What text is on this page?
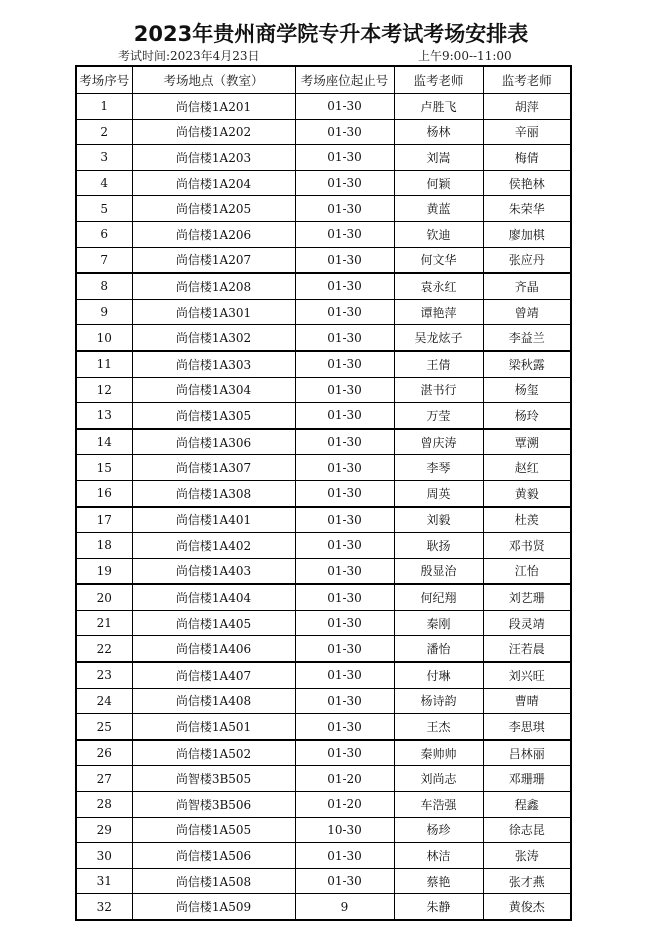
2023年贵州商学院专升本考试考场安排表
考试时间:2023年4月23日	上午9:00--11:00
考场序号	考场地点（教室）	考场座位起止号	监考老师	监考老师
1	尚信楼1A201	01-30	卢胜飞	胡萍
2	尚信楼1A202	01-30	杨林	辛丽
3	尚信楼1A203	01-30	刘嵩	梅倩
4	尚信楼1A204	01-30	何颖	侯艳林
5	尚信楼1A205	01-30	黄蓝	朱荣华
6	尚信楼1A206	01-30	钦迪	廖加棋
7	尚信楼1A207	01-30	何文华	张应丹
8	尚信楼1A208	01-30	袁永红	齐晶
9	尚信楼1A301	01-30	谭艳萍	曾靖
10	尚信楼1A302	01-30	吴龙炫子	李益兰
11	尚信楼1A303	01-30	王倩	梁秋露
12	尚信楼1A304	01-30	湛书行	杨玺
13	尚信楼1A305	01-30	万莹	杨玲
14	尚信楼1A306	01-30	曾庆涛	覃溯
15	尚信楼1A307	01-30	李琴	赵红
16	尚信楼1A308	01-30	周英	黄毅
17	尚信楼1A401	01-30	刘毅	杜羡
18	尚信楼1A402	01-30	耿扬	邓书贤
19	尚信楼1A403	01-30	殷显治	江怡
20	尚信楼1A404	01-30	何纪翔	刘艺珊
21	尚信楼1A405	01-30	秦刚	段灵靖
22	尚信楼1A406	01-30	潘怡	汪若晨
23	尚信楼1A407	01-30	付琳	刘兴旺
24	尚信楼1A408	01-30	杨诗韵	曹晴
25	尚信楼1A501	01-30	王杰	李思琪
26	尚信楼1A502	01-30	秦帅帅	吕林丽
27	尚智楼3B505	01-20	刘尚志	邓珊珊
28	尚智楼3B506	01-20	车浩强	程鑫
29	尚信楼1A505	10-30	杨珍	徐志昆
30	尚信楼1A506	01-30	林洁	张涛
31	尚信楼1A508	01-30	蔡艳	张才燕
32	尚信楼1A509	9	朱静	黄俊杰
